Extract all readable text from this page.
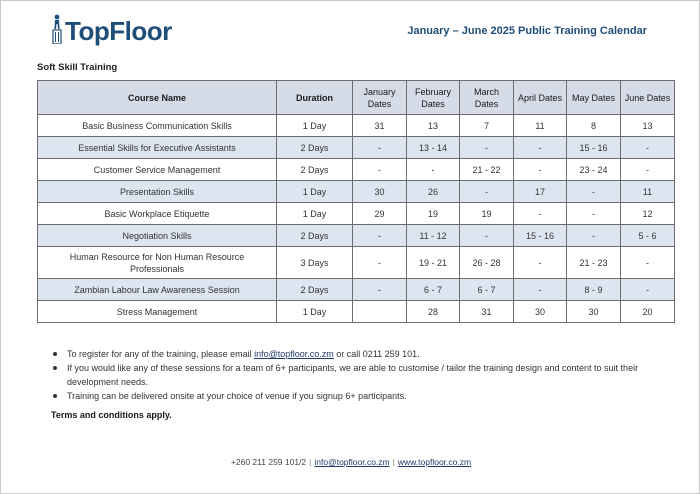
TopFloor	January – June 2025 Public Training Calendar
Soft Skill Training
Course Name	Duration	January Dates	February Dates	March Dates	April Dates	May Dates	June Dates
Basic Business Communication Skills	1 Day	31	13	7	11	8	13
Essential Skills for Executive Assistants	2 Days	-	13 - 14	-	-	15 - 16	-
Customer Service Management	2 Days	-	-	21 - 22	-	23 - 24	-
Presentation Skills	1 Day	30	26	-	17	-	11
Basic Workplace Etiquette	1 Day	29	19	19	-	-	12
Negotiation Skills	2 Days	-	11 - 12	-	15 - 16	-	5 - 6
Human Resource for Non Human Resource Professionals	3 Days	-	19 - 21	26 - 28	-	21 - 23	-
Zambian Labour Law Awareness Session	2 Days	-	6 - 7	6 - 7	-	8 - 9	-
Stress Management	1 Day		28	31	30	30	20
To register for any of the training, please email info@topfloor.co.zm or call 0211 259 101.
If you would like any of these sessions for a team of 6+ participants, we are able to customise / tailor the training design and content to suit their development needs.
Training can be delivered onsite at your choice of venue if you signup 6+ participants.
Terms and conditions apply.
+260 211 259 101/2 | info@topfloor.co.zm | www.topfloor.co.zm
